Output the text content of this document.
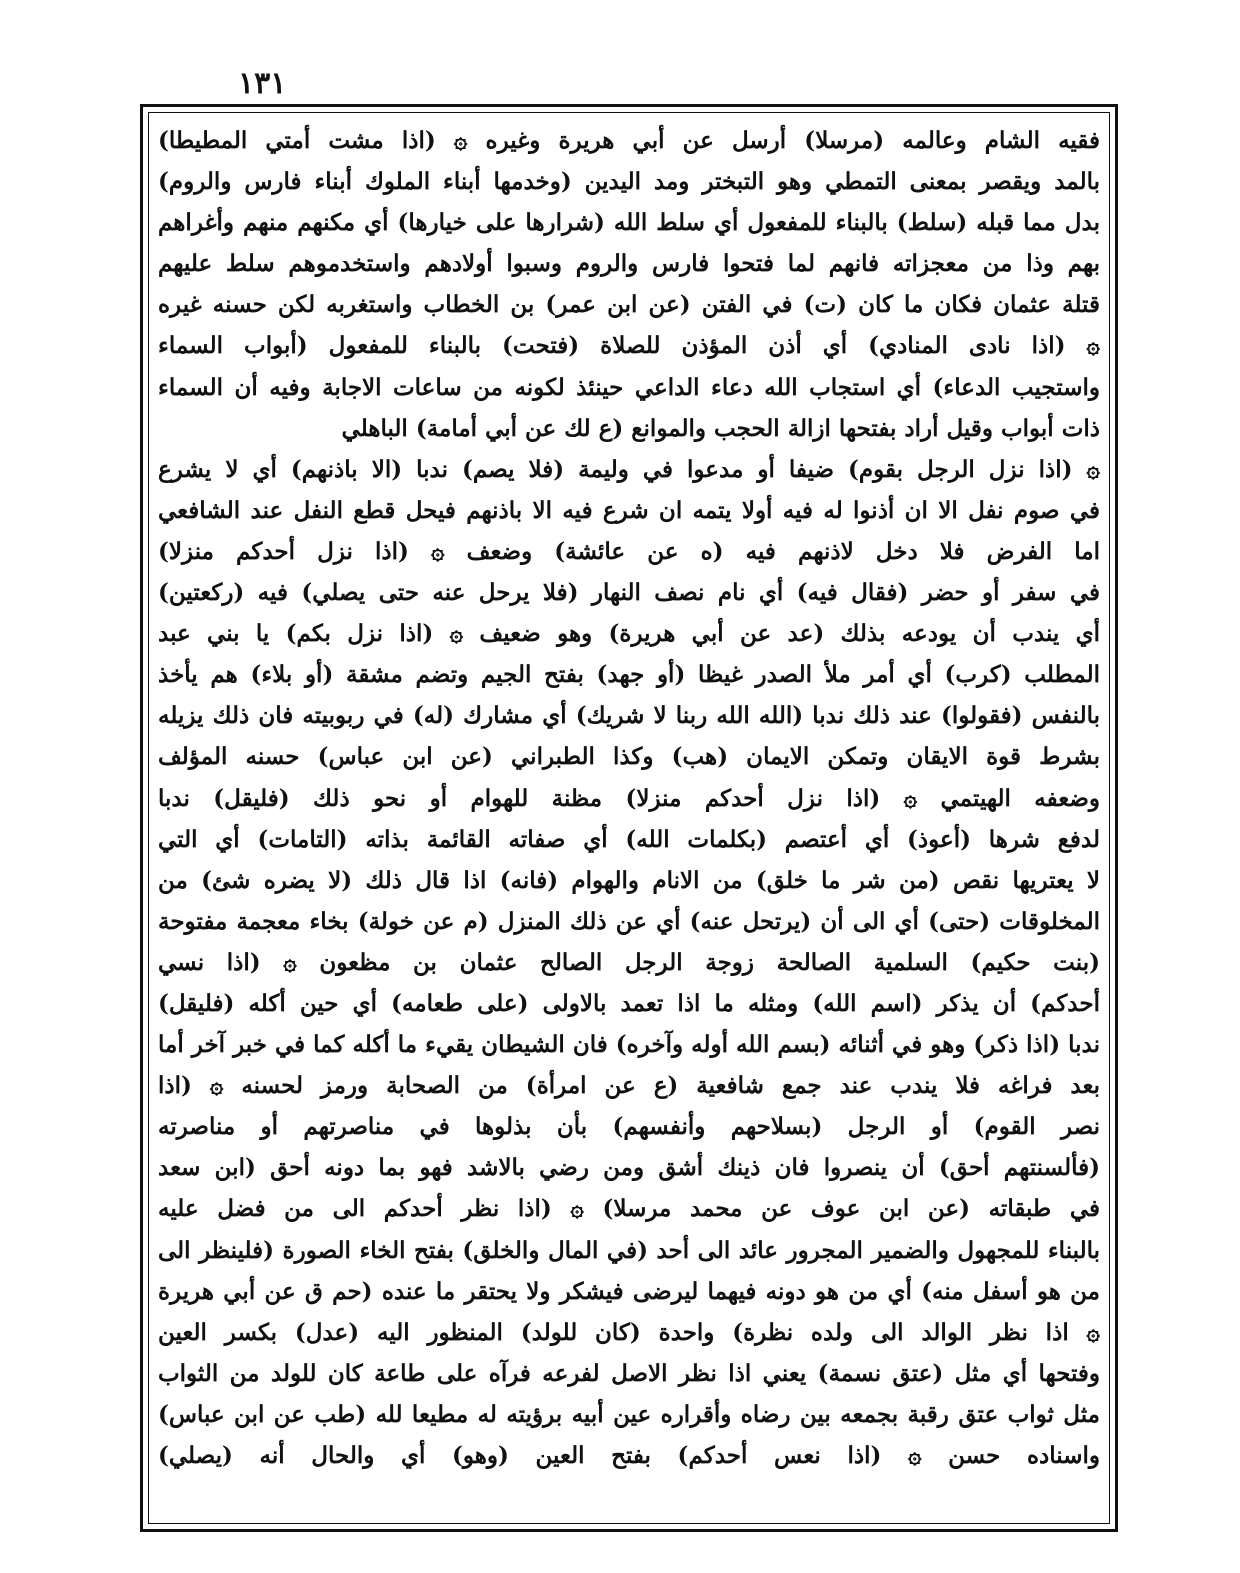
١٣١
فقيه الشام وعالمه (مرسلا) أرسل عن أبي هريرة وغيره ۞ (اذا مشت أمتي المطيطا)
بالمد ويقصر بمعنى التمطي وهو التبختر ومد اليدين (وخدمها أبناء الملوك أبناء فارس والروم)
بدل مما قبله (سلط) بالبناء للمفعول أي سلط الله (شرارها على خيارها) أي مكنهم منهم وأغراهم
بهم وذا من معجزاته فانهم لما فتحوا فارس والروم وسبوا أولادهم واستخدموهم سلط عليهم
قتلة عثمان فكان ما كان (ت) في الفتن (عن ابن عمر) بن الخطاب واستغربه لكن حسنه غيره
۞ (اذا نادى المنادي) أي أذن المؤذن للصلاة (فتحت) بالبناء للمفعول (أبواب السماء
واستجيب الدعاء) أي استجاب الله دعاء الداعي حينئذ لكونه من ساعات الاجابة وفيه أن السماء
ذات أبواب وقيل أراد بفتحها ازالة الحجب والموانع (ع لك عن أبي أمامة) الباهلي
۞ (اذا نزل الرجل بقوم) ضيفا أو مدعوا في وليمة (فلا يصم) ندبا (الا باذنهم) أي لا يشرع
في صوم نفل الا ان أذنوا له فيه أولا يتمه ان شرع فيه الا باذنهم فيحل قطع النفل عند الشافعي
اما الفرض فلا دخل لاذنهم فيه (ه عن عائشة) وضعف ۞ (اذا نزل أحدكم منزلا)
في سفر أو حضر (فقال فيه) أي نام نصف النهار (فلا يرحل عنه حتى يصلي) فيه (ركعتين)
أي يندب أن يودعه بذلك (عد عن أبي هريرة) وهو ضعيف ۞ (اذا نزل بكم) يا بني عبد
المطلب (كرب) أي أمر ملأ الصدر غيظا (أو جهد) بفتح الجيم وتضم مشقة (أو بلاء) هم يأخذ
بالنفس (فقولوا) عند ذلك ندبا (الله الله ربنا لا شريك) أي مشارك (له) في ربوبيته فان ذلك يزيله
بشرط قوة الايقان وتمكن الايمان (هب) وكذا الطبراني (عن ابن عباس) حسنه المؤلف
وضعفه الهيتمي ۞ (اذا نزل أحدكم منزلا) مظنة للهوام أو نحو ذلك (فليقل) ندبا
لدفع شرها (أعوذ) أي أعتصم (بكلمات الله) أي صفاته القائمة بذاته (التامات) أي التي
لا يعتريها نقص (من شر ما خلق) من الانام والهوام (فانه) اذا قال ذلك (لا يضره شئ) من
المخلوقات (حتى) أي الى أن (يرتحل عنه) أي عن ذلك المنزل (م عن خولة) بخاء معجمة مفتوحة
(بنت حكيم) السلمية الصالحة زوجة الرجل الصالح عثمان بن مظعون ۞ (اذا نسي
أحدكم) أن يذكر (اسم الله) ومثله ما اذا تعمد بالاولى (على طعامه) أي حين أكله (فليقل)
ندبا (اذا ذكر) وهو في أثنائه (بسم الله أوله وآخره) فان الشيطان يقيء ما أكله كما في خبر آخر أما
بعد فراغه فلا يندب عند جمع شافعية (ع عن امرأة) من الصحابة ورمز لحسنه ۞ (اذا
نصر القوم) أو الرجل (بسلاحهم وأنفسهم) بأن بذلوها في مناصرتهم أو مناصرته
(فألسنتهم أحق) أن ينصروا فان ذينك أشق ومن رضي بالاشد فهو بما دونه أحق (ابن سعد
في طبقاته (عن ابن عوف عن محمد مرسلا) ۞ (اذا نظر أحدكم الى من فضل عليه
بالبناء للمجهول والضمير المجرور عائد الى أحد (في المال والخلق) بفتح الخاء الصورة (فلينظر الى
من هو أسفل منه) أي من هو دونه فيهما ليرضى فيشكر ولا يحتقر ما عنده (حم ق عن أبي هريرة
۞ اذا نظر الوالد الى ولده نظرة) واحدة (كان للولد) المنظور اليه (عدل) بكسر العين
وفتحها أي مثل (عتق نسمة) يعني اذا نظر الاصل لفرعه فرآه على طاعة كان للولد من الثواب
مثل ثواب عتق رقبة بجمعه بين رضاه وأقراره عين أبيه برؤيته له مطيعا لله (طب عن ابن عباس)
واسناده حسن ۞ (اذا نعس أحدكم) بفتح العين (وهو) أي والحال أنه (يصلي)
